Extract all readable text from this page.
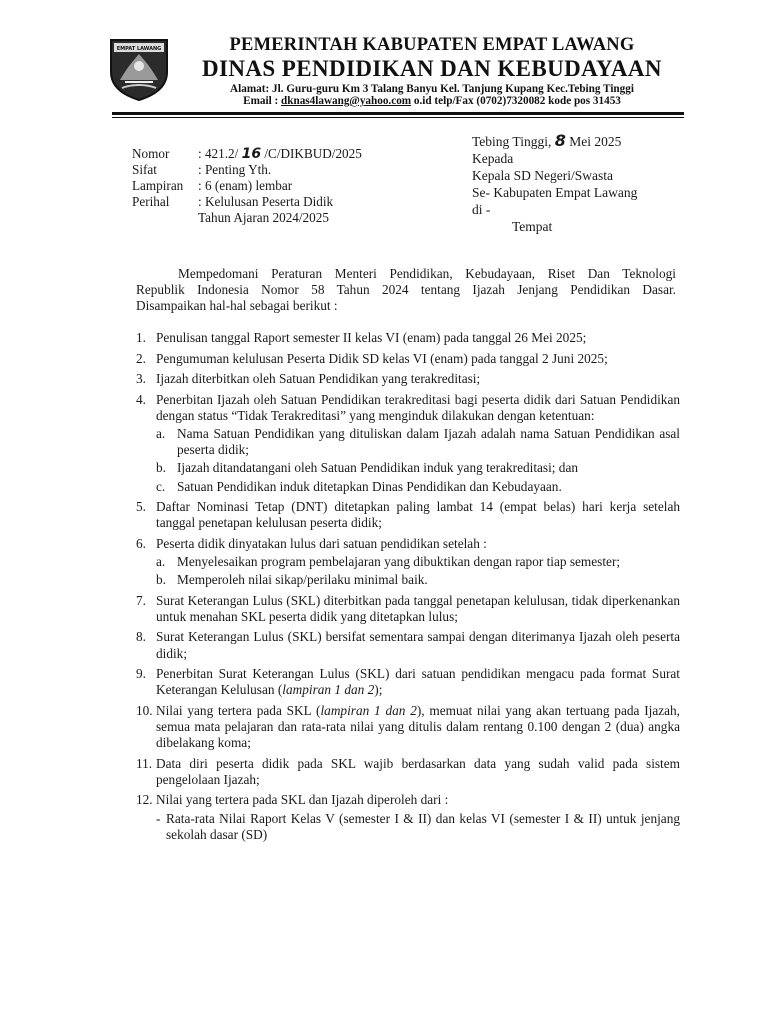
EMPAT LAWANG	PEMERINTAH KABUPATEN EMPAT LAWANG
DINAS PENDIDIKAN DAN KEBUDAYAAN
Alamat: Jl. Guru-guru Km 3 Talang Banyu Kel. Tanjung Kupang Kec.Tebing Tinggi
Email : dknas4lawang@yahoo.com o.id telp/Fax (0702)7320082 kode pos 31453
Nomor	: 421.2/ 16 /C/DIKBUD/2025
Sifat	: Penting Yth.
Lampiran	: 6 (enam) lembar
Perihal	: Kelulusan Peserta Didik
Tahun Ajaran 2024/2025
Tebing Tinggi, 8 Mei 2025
Kepada
Kepala SD Negeri/Swasta
Se- Kabupaten Empat Lawang
di -
Tempat
Mempedomani Peraturan Menteri Pendidikan, Kebudayaan, Riset Dan Teknologi
Republik Indonesia Nomor 58 Tahun 2024 tentang Ijazah Jenjang Pendidikan Dasar.
Disampaikan hal-hal sebagai berikut :
1. Penulisan tanggal Raport semester II kelas VI (enam) pada tanggal 26 Mei 2025;
2. Pengumuman kelulusan Peserta Didik SD kelas VI (enam) pada tanggal 2 Juni 2025;
3. Ijazah diterbitkan oleh Satuan Pendidikan yang terakreditasi;
4. Penerbitan Ijazah oleh Satuan Pendidikan terakreditasi bagi peserta didik dari Satuan Pendidikan dengan status “Tidak Terakreditasi” yang menginduk dilakukan dengan ketentuan:
a. Nama Satuan Pendidikan yang dituliskan dalam Ijazah adalah nama Satuan Pendidikan asal peserta didik;
b. Ijazah ditandatangani oleh Satuan Pendidikan induk yang terakreditasi; dan
c. Satuan Pendidikan induk ditetapkan Dinas Pendidikan dan Kebudayaan.
5. Daftar Nominasi Tetap (DNT) ditetapkan paling lambat 14 (empat belas) hari kerja setelah tanggal penetapan kelulusan peserta didik;
6. Peserta didik dinyatakan lulus dari satuan pendidikan setelah :
a. Menyelesaikan program pembelajaran yang dibuktikan dengan rapor tiap semester;
b. Memperoleh nilai sikap/perilaku minimal baik.
7. Surat Keterangan Lulus (SKL) diterbitkan pada tanggal penetapan kelulusan, tidak diperkenankan untuk menahan SKL peserta didik yang ditetapkan lulus;
8. Surat Keterangan Lulus (SKL) bersifat sementara sampai dengan diterimanya Ijazah oleh peserta didik;
9. Penerbitan Surat Keterangan Lulus (SKL) dari satuan pendidikan mengacu pada format Surat Keterangan Kelulusan (lampiran 1 dan 2);
10. Nilai yang tertera pada SKL (lampiran 1 dan 2), memuat nilai yang akan tertuang pada Ijazah, semua mata pelajaran dan rata-rata nilai yang ditulis dalam rentang 0.100 dengan 2 (dua) angka dibelakang koma;
11. Data diri peserta didik pada SKL wajib berdasarkan data yang sudah valid pada sistem pengelolaan Ijazah;
12. Nilai yang tertera pada SKL dan Ijazah diperoleh dari :
- Rata-rata Nilai Raport Kelas V (semester I & II) dan kelas VI (semester I & II) untuk jenjang sekolah dasar (SD)
